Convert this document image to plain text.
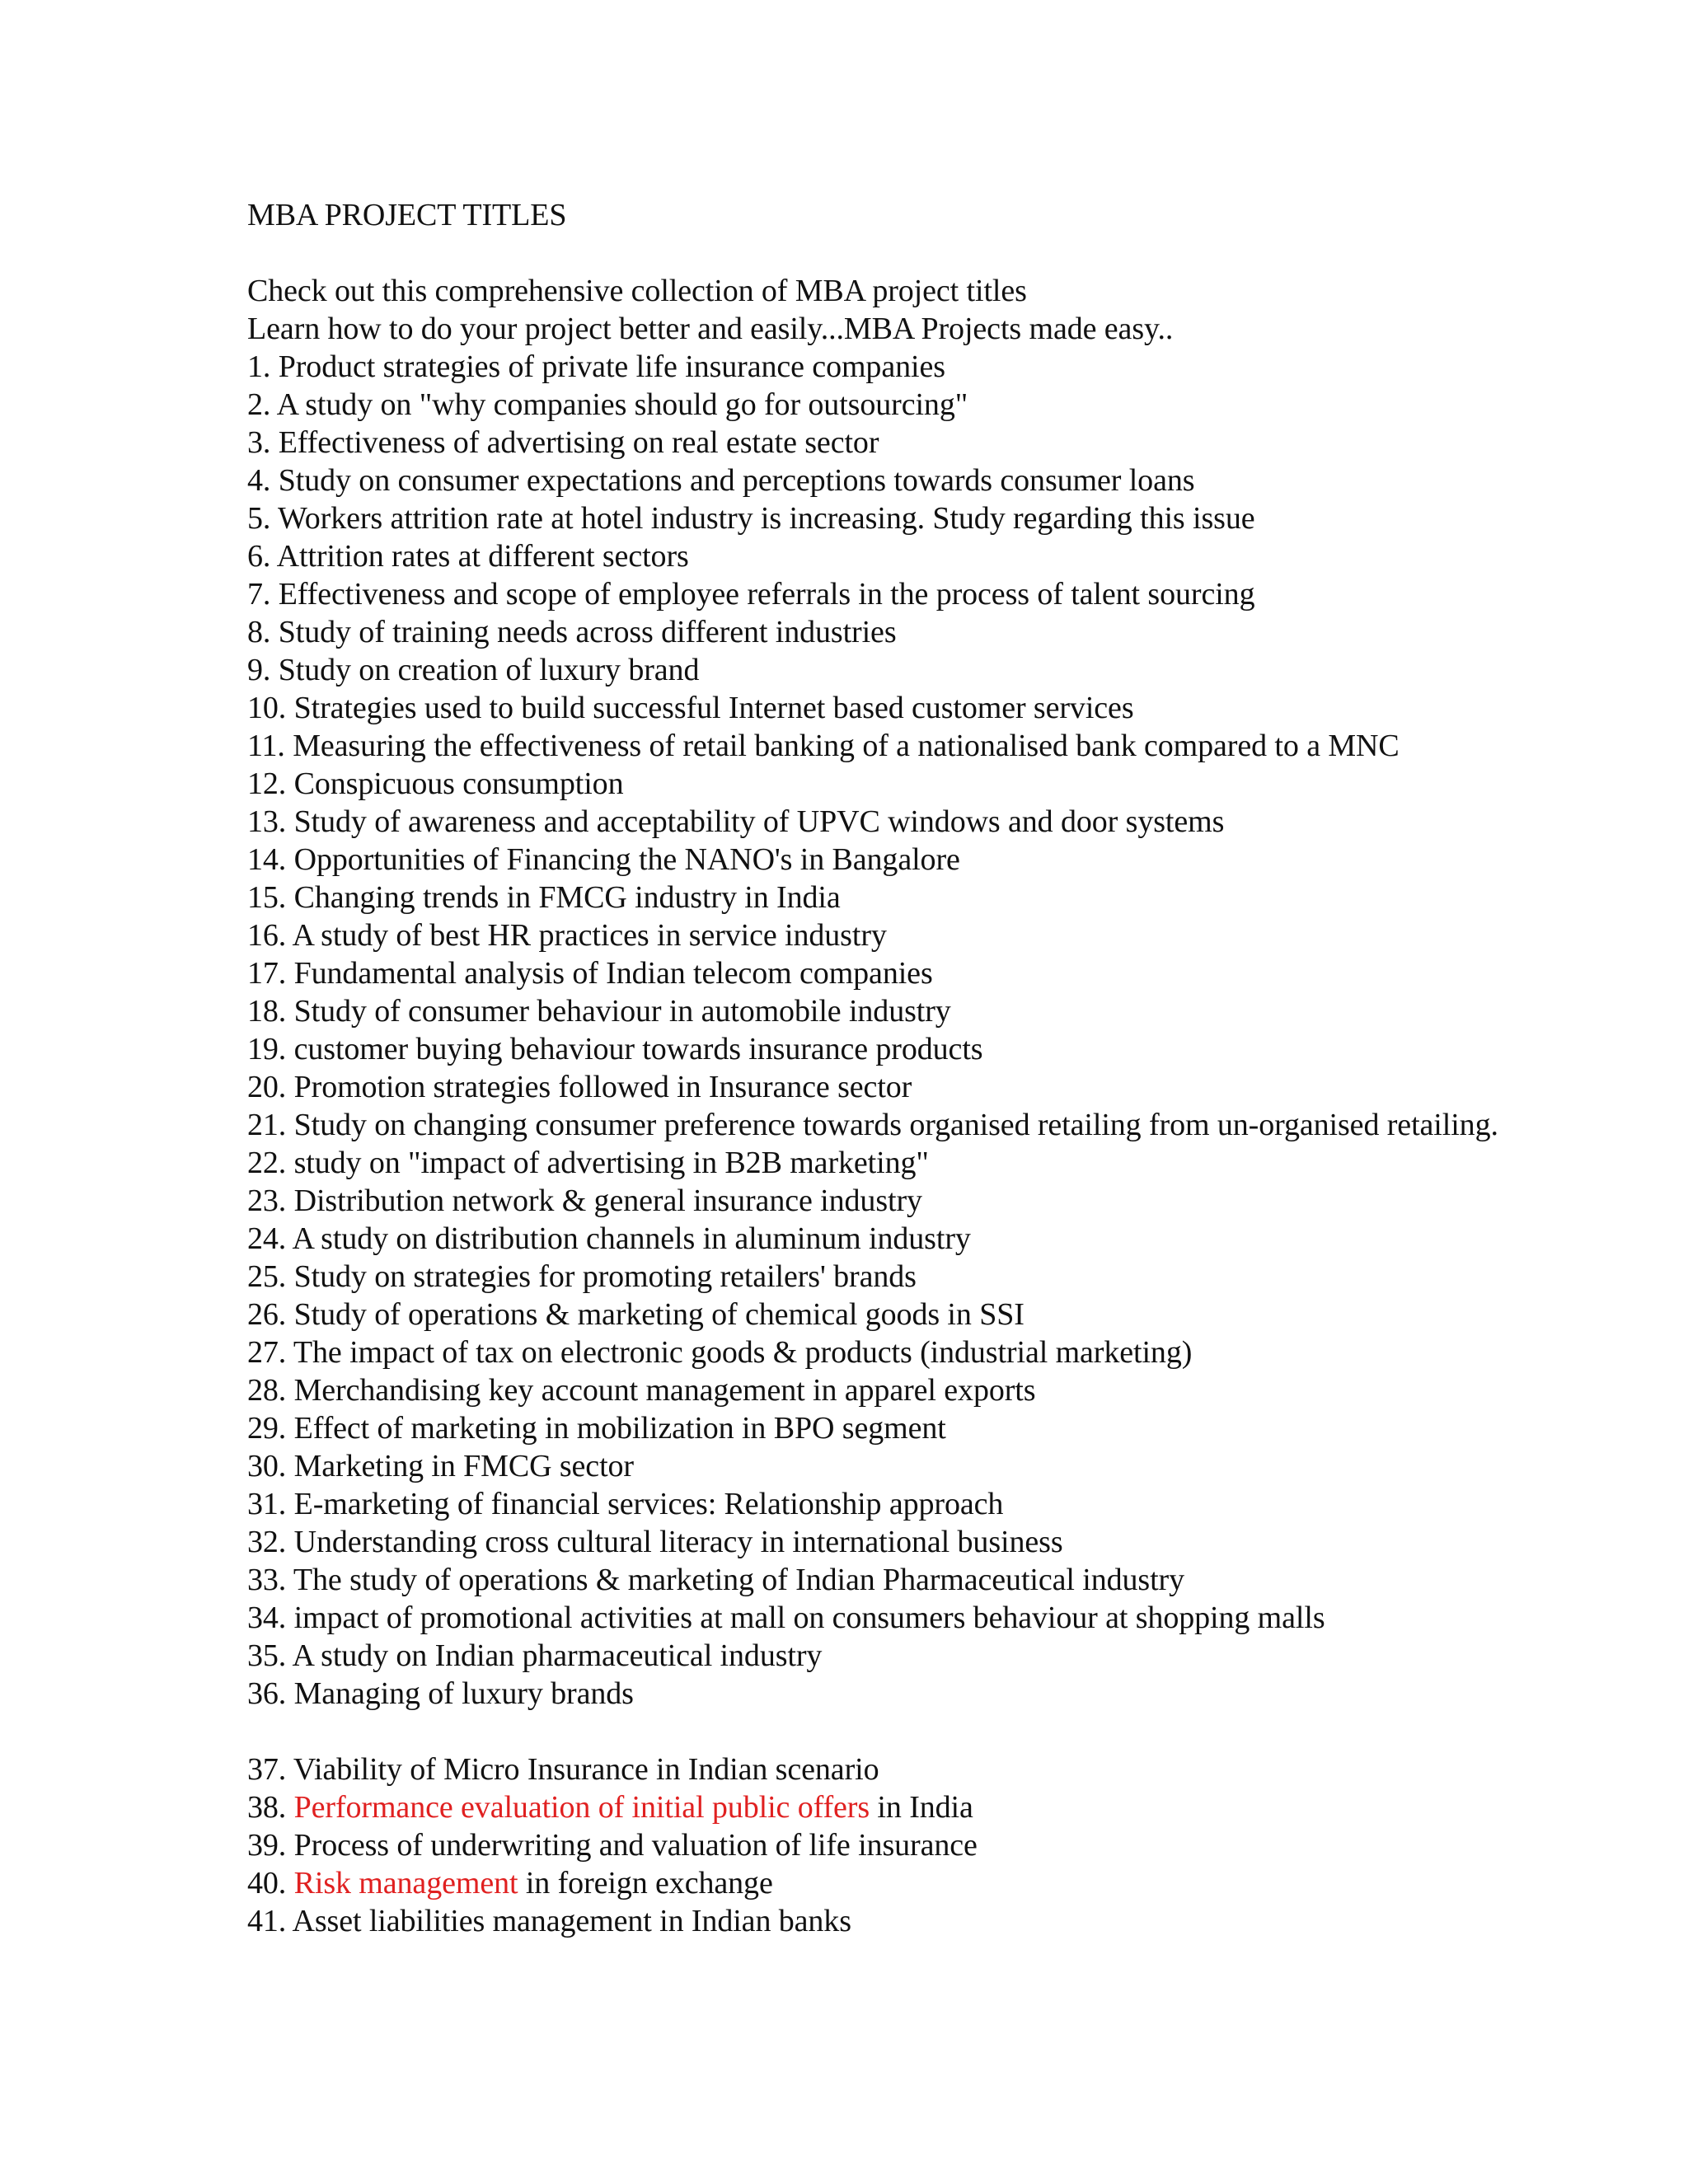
MBA PROJECT TITLES
Check out this comprehensive collection of MBA project titles
Learn how to do your project better and easily...MBA Projects made easy..
1. Product strategies of private life insurance companies
2. A study on "why companies should go for outsourcing"
3. Effectiveness of advertising on real estate sector
4. Study on consumer expectations and perceptions towards consumer loans
5. Workers attrition rate at hotel industry is increasing. Study regarding this issue
6. Attrition rates at different sectors
7. Effectiveness and scope of employee referrals in the process of talent sourcing
8. Study of training needs across different industries
9. Study on creation of luxury brand
10. Strategies used to build successful Internet based customer services
11. Measuring the effectiveness of retail banking of a nationalised bank compared to a MNC
12. Conspicuous consumption
13. Study of awareness and acceptability of UPVC windows and door systems
14. Opportunities of Financing the NANO's in Bangalore
15. Changing trends in FMCG industry in India
16. A study of best HR practices in service industry
17. Fundamental analysis of Indian telecom companies
18. Study of consumer behaviour in automobile industry
19. customer buying behaviour towards insurance products
20. Promotion strategies followed in Insurance sector
21. Study on changing consumer preference towards organised retailing from un-organised retailing.
22. study on "impact of advertising in B2B marketing"
23. Distribution network & general insurance industry
24. A study on distribution channels in aluminum industry
25. Study on strategies for promoting retailers' brands
26. Study of operations & marketing of chemical goods in SSI
27. The impact of tax on electronic goods & products (industrial marketing)
28. Merchandising key account management in apparel exports
29. Effect of marketing in mobilization in BPO segment
30. Marketing in FMCG sector
31. E-marketing of financial services: Relationship approach
32. Understanding cross cultural literacy in international business
33. The study of operations & marketing of Indian Pharmaceutical industry
34. impact of promotional activities at mall on consumers behaviour at shopping malls
35. A study on Indian pharmaceutical industry
36. Managing of luxury brands
37. Viability of Micro Insurance in Indian scenario
38. Performance evaluation of initial public offers in India
39. Process of underwriting and valuation of life insurance
40. Risk management in foreign exchange
41. Asset liabilities management in Indian banks
